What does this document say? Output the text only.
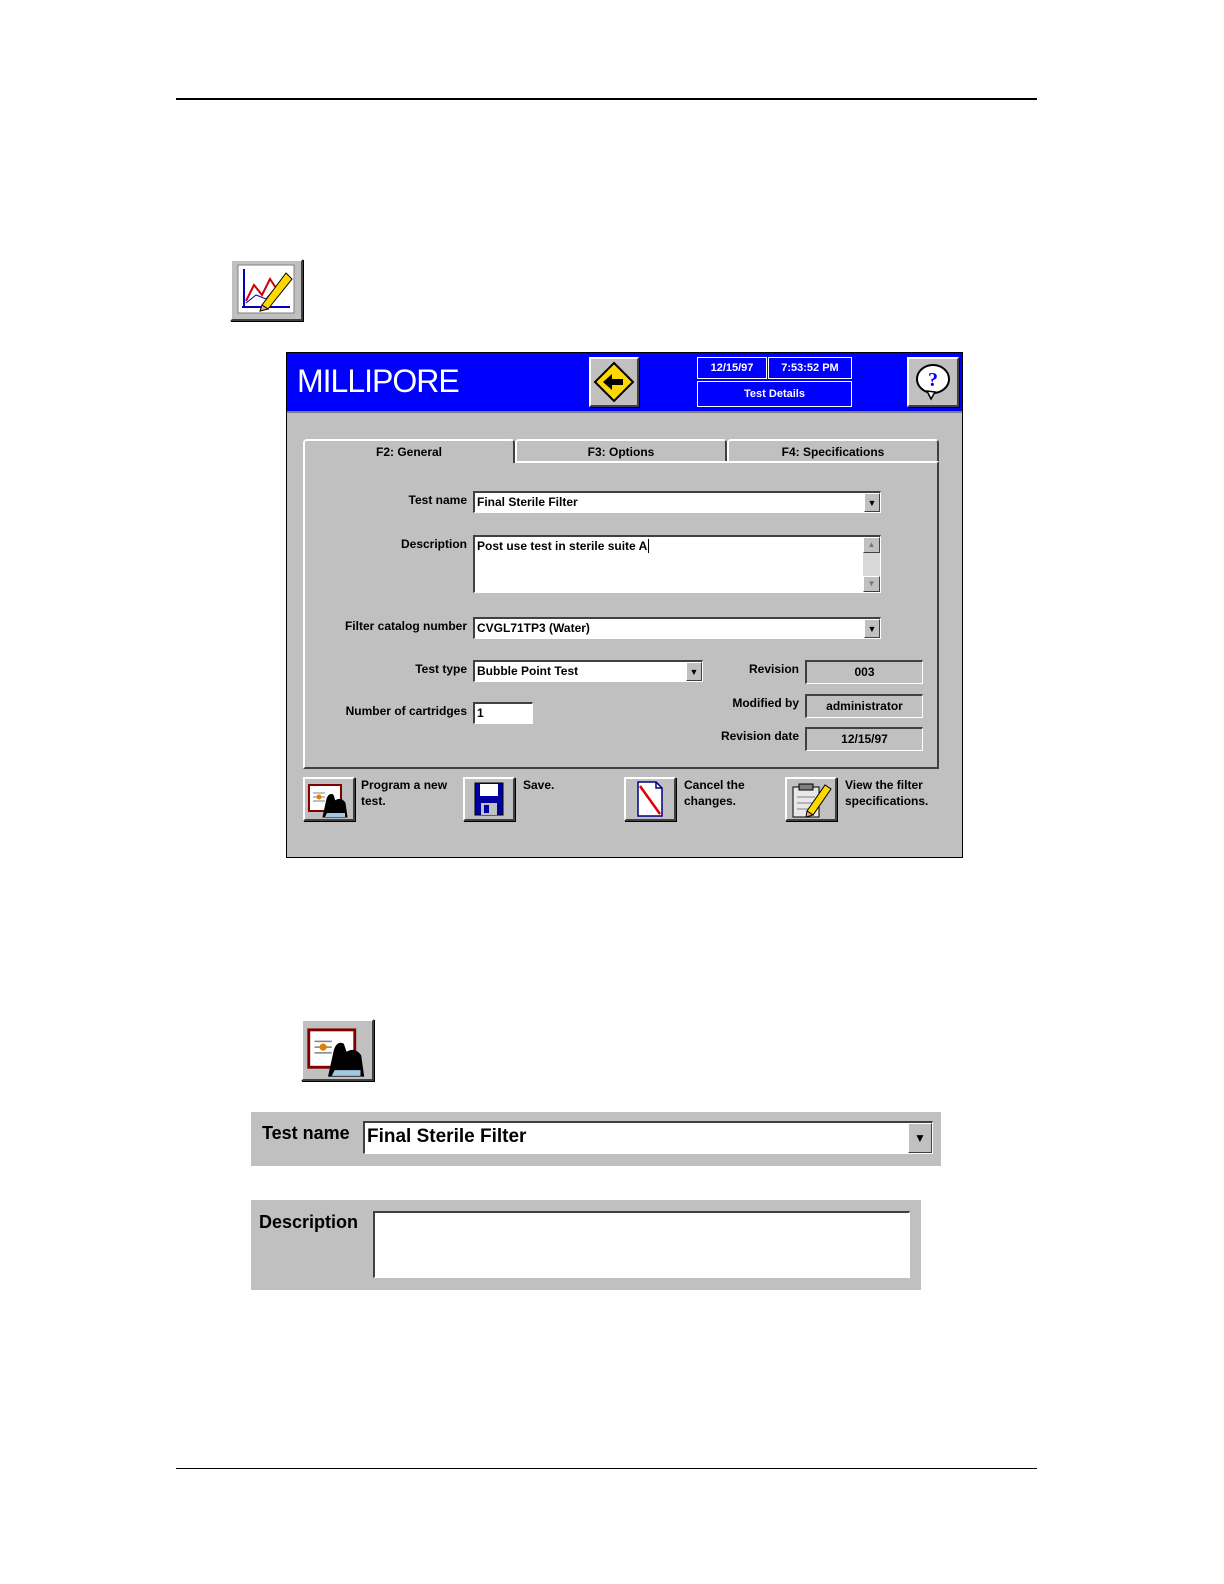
MILLIPORE	12/15/97	7:53:52 PM
Test Details
?
F2: General	F3: Options	F4: Specifications
Test name Final Sterile Filter	▼
Description Post use test in sterile suite A	▲
▼
Filter catalog number CVGL71TP3 (Water)	▼
Test type Bubble Point Test	▼
Number of cartridges 1
Revision	003
Modified by	administrator
Revision date	12/15/97
Program a new test.
Save.	Cancel the changes.
View the filter specifications.
Test name Final Sterile Filter	▼
Description
